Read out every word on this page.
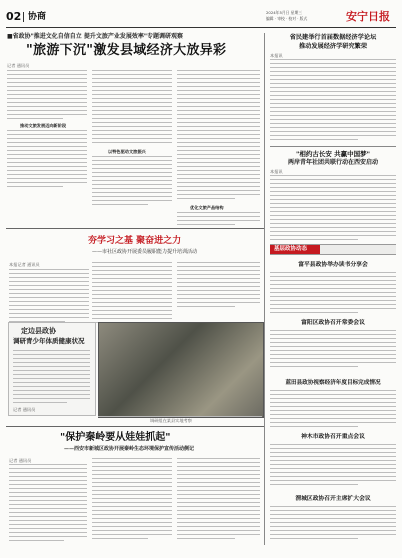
02 协商	2024年5月日 星期三
编辑 · 审校 · 校对 · 版式	安宁日报
■省政协"推进文化自信自立 提升文旅产业发展效率"专题调研观察
"旅游下沉"激发县域经济大放异彩
记者 通讯员
推动文旅发展迈向新阶段
以特色驱动文旅振兴
优化文旅产品结构
夯学习之基 聚奋进之力
——市社区政协开展委员履职能力提升培训活动
本报记者 通讯员
定边县政协
调研青少年体质健康状况
记者 通讯员
调研组在某县实地考察
"保护秦岭要从娃娃抓起"
——西安市新城区政协开展秦岭生态环境保护宣传活动侧记
记者 通讯员
省民建举行首届数据经济学论坛
推动发展经济学研究繁荣
本报讯
"相约古长安 共赢中国梦"
两岸青年社团共联行动在西安启动
本报讯
基层政协动态
富平县政协举办读书分享会
富阳区政协召开常委会议
蓝田县政协视察经济年度目标完成情况
神木市政协召开重点会议
渭城区政协召开主席扩大会议
